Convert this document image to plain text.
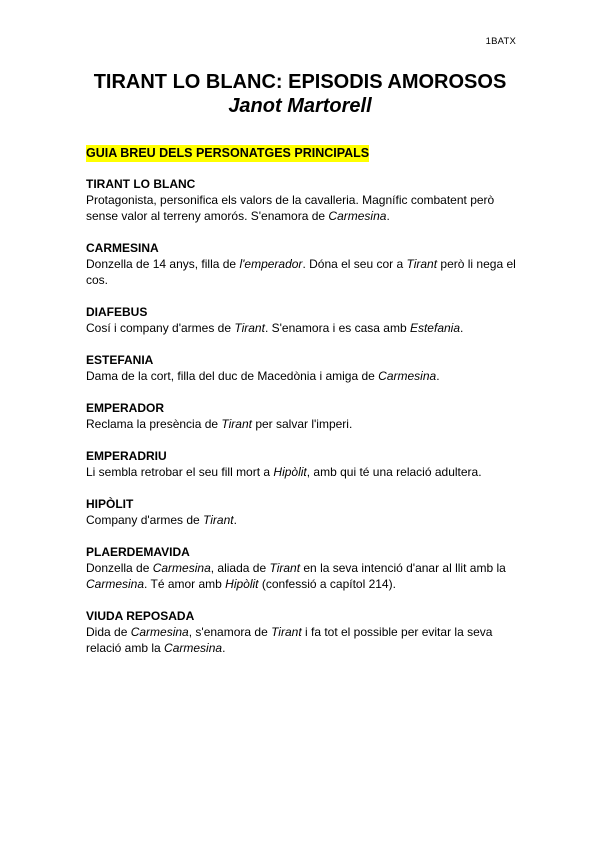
1BATX
TIRANT LO BLANC: EPISODIS AMOROSOS
Janot Martorell
GUIA BREU DELS PERSONATGES PRINCIPALS

TIRANT LO BLANC

Protagonista, personifica els valors de la cavalleria. Magnífic combatent però sense valor al terreny amorós. S'enamora de Carmesina.

CARMESINA

Donzella de 14 anys, filla de l'emperador. Dóna el seu cor a Tirant però li nega el cos.

DIAFEBUS

Cosí i company d'armes de Tirant. S'enamora i es casa amb Estefania.

ESTEFANIA

Dama de la cort, filla del duc de Macedònia i amiga de Carmesina.

EMPERADOR

Reclama la presència de Tirant per salvar l'imperi.

EMPERADRIU

Li sembla retrobar el seu fill mort a Hipòlit, amb qui té una relació adultera.

HIPÒLIT

Company d'armes de Tirant.

PLAERDEMAVIDA

Donzella de Carmesina, aliada de Tirant en la seva intenció d'anar al llit amb la Carmesina. Té amor amb Hipòlit (confessió a capítol 214).

VIUDA REPOSADA

Dida de Carmesina, s'enamora de Tirant i fa tot el possible per evitar la seva relació amb la Carmesina.
